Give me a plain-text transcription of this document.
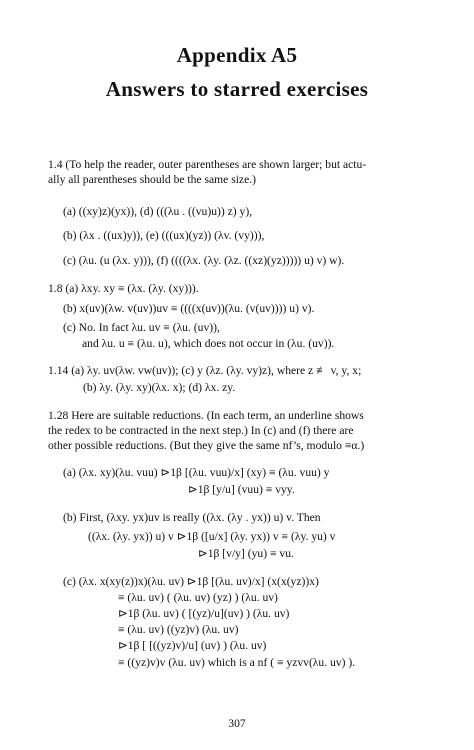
Appendix A5
Answers to starred exercises
1.4 (To help the reader, outer parentheses are shown larger; but actu-
ally all parentheses should be the same size.)
(a) ((xy)z)(yx)), (d) (((λu . ((vu)u)) z) y),
(b) (λx . ((ux)y)), (e) (((ux)(yz)) (λv. (vy))),
(c) (λu. (u (λx. y))), (f) ((((λx. (λy. (λz. ((xz)(yz))))) u) v) w).
1.8 (a) λxy. xy ≡ (λx. (λy. (xy))).
(b) x(uv)(λw. v(uv))uv ≡ ((((x(uv))(λu. (v(uv)))) u) v).
(c) No. In fact λu. uv ≡ (λu. (uv)),
and λu. u ≡ (λu. u), which does not occur in (λu. (uv)).
1.14 (a) λy. uv(λw. vw(uv)); (c) y (λz. (λy. vy)z), where z ≢ v, y, x;
(b) λy. (λy. xy)(λx. x); (d) λx. zy.
1.28 Here are suitable reductions. (In each term, an underline shows
the redex to be contracted in the next step.) In (c) and (f) there are
other possible reductions. (But they give the same nf’s, modulo ≡α.)
(a) (λx. xy)(λu. vuu) ⊳1β [(λu. vuu)/x] (xy) ≡ (λu. vuu) y
⊳1β [y/u] (vuu) ≡ vyy.
(b) First, (λxy. yx)uv is really ((λx. (λy . yx)) u) v. Then
((λx. (λy. yx)) u) v ⊳1β ([u/x] (λy. yx)) v ≡ (λy. yu) v
⊳1β [v/y] (yu) ≡ vu.
(c) (λx. x(xy(z))x)(λu. uv) ⊳1β [(λu. uv)/x] (x(x(yz))x)
≡ (λu. uv) ( (λu. uv) (yz) ) (λu. uv)
⊳1β (λu. uv) ( [(yz)/u](uv) ) (λu. uv)
≡ (λu. uv) ((yz)v) (λu. uv)
⊳1β [ [((yz)v)/u] (uv) ) (λu. uv)
≡ ((yz)v)v (λu. uv) which is a nf ( ≡ yzvv(λu. uv) ).
307
